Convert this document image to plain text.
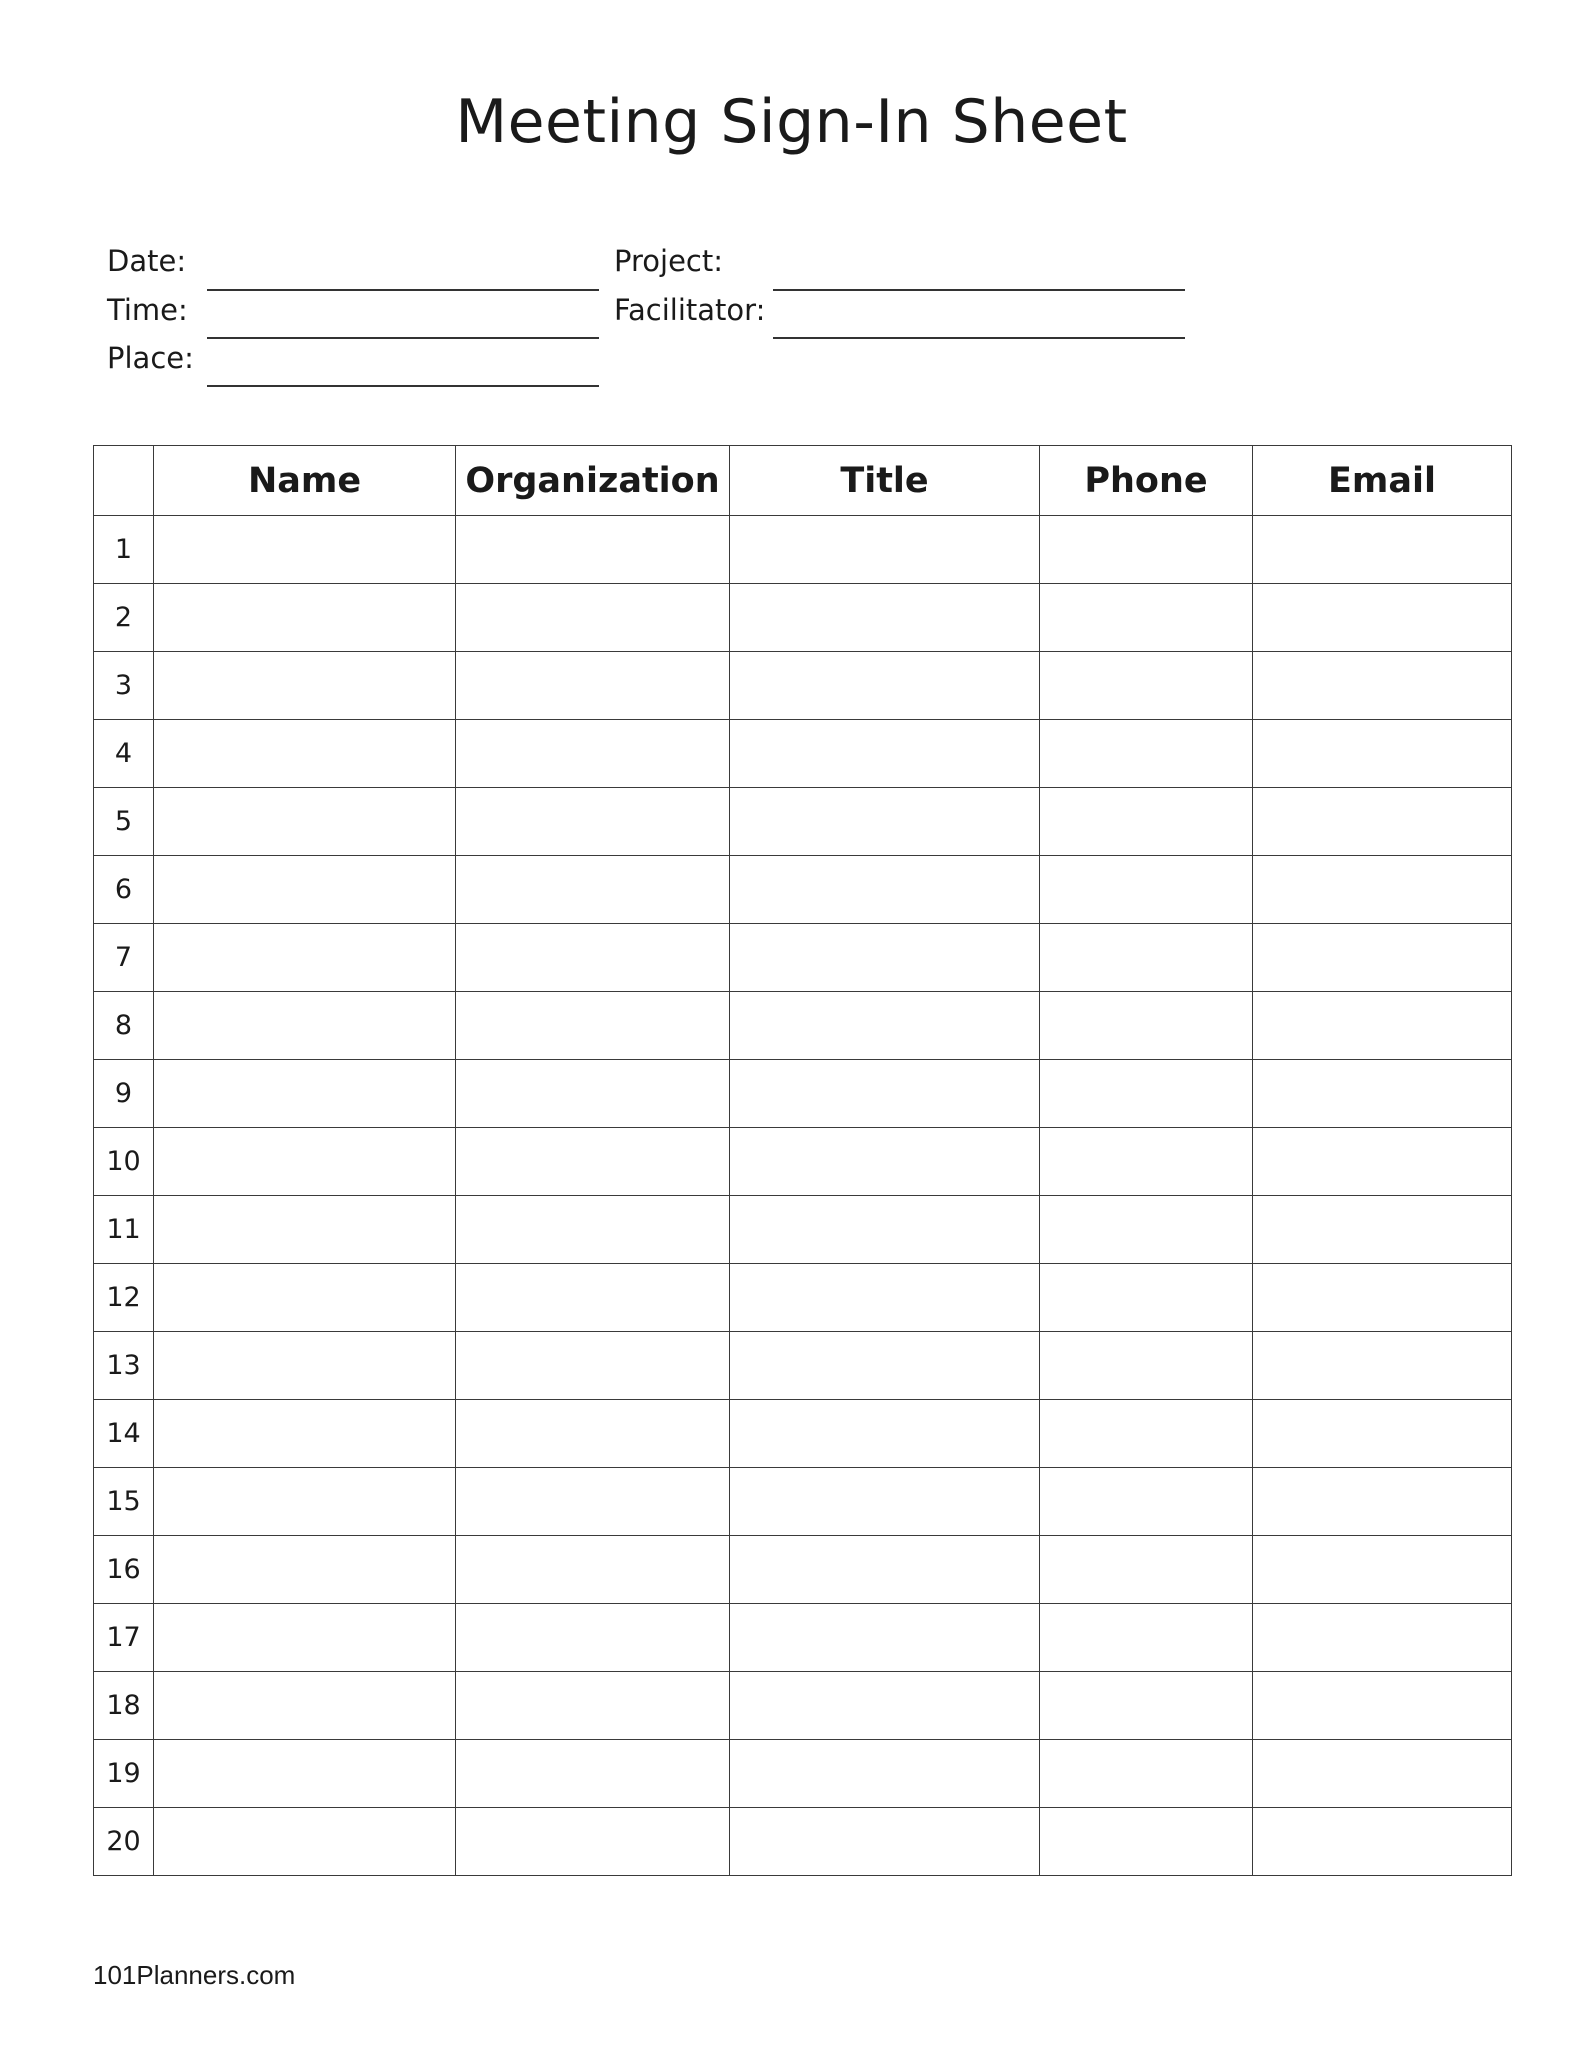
Meeting Sign-In Sheet
Date:
Time:
Place:
Project:
Facilitator:
	Name	Organization	Title	Phone	Email
1					
2					
3					
4					
5					
6					
7					
8					
9					
10					
11					
12					
13					
14					
15					
16					
17					
18					
19					
20					
101Planners.com
